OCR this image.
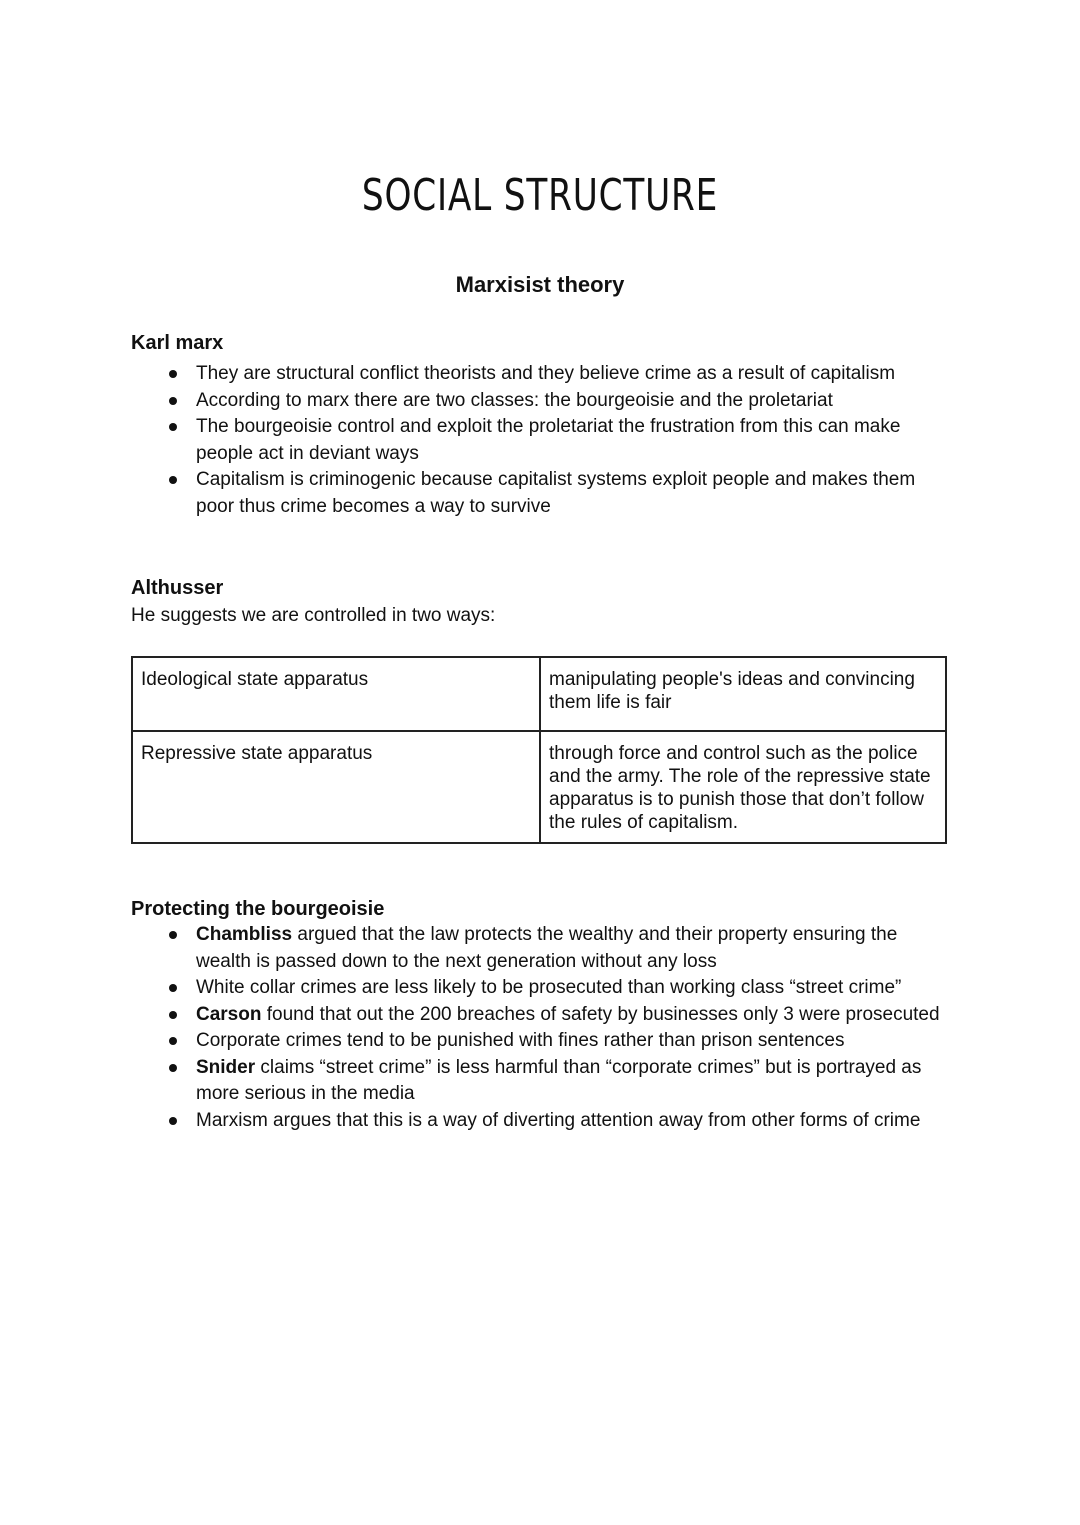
SOCIAL STRUCTURE
Marxisist theory

Karl marx

They are structural conflict theorists and they believe crime as a result of capitalism
According to marx there are two classes: the bourgeoisie and the proletariat
The bourgeoisie control and exploit the proletariat the frustration from this can make people act in deviant ways
Capitalism is criminogenic because capitalist systems exploit people and makes them poor thus crime becomes a way to survive

Althusser

He suggests we are controlled in two ways:

Ideological state apparatus	manipulating people's ideas and convincing them life is fair
Repressive state apparatus	through force and control such as the police and the army. The role of the repressive state apparatus is to punish those that don’t follow the rules of capitalism.

Protecting the bourgeoisie

Chambliss argued that the law protects the wealthy and their property ensuring the wealth is passed down to the next generation without any loss
White collar crimes are less likely to be prosecuted than working class “street crime”
Carson found that out the 200 breaches of safety by businesses only 3 were prosecuted
Corporate crimes tend to be punished with fines rather than prison sentences
Snider claims “street crime” is less harmful than “corporate crimes” but is portrayed as more serious in the media
Marxism argues that this is a way of diverting attention away from other forms of crime
